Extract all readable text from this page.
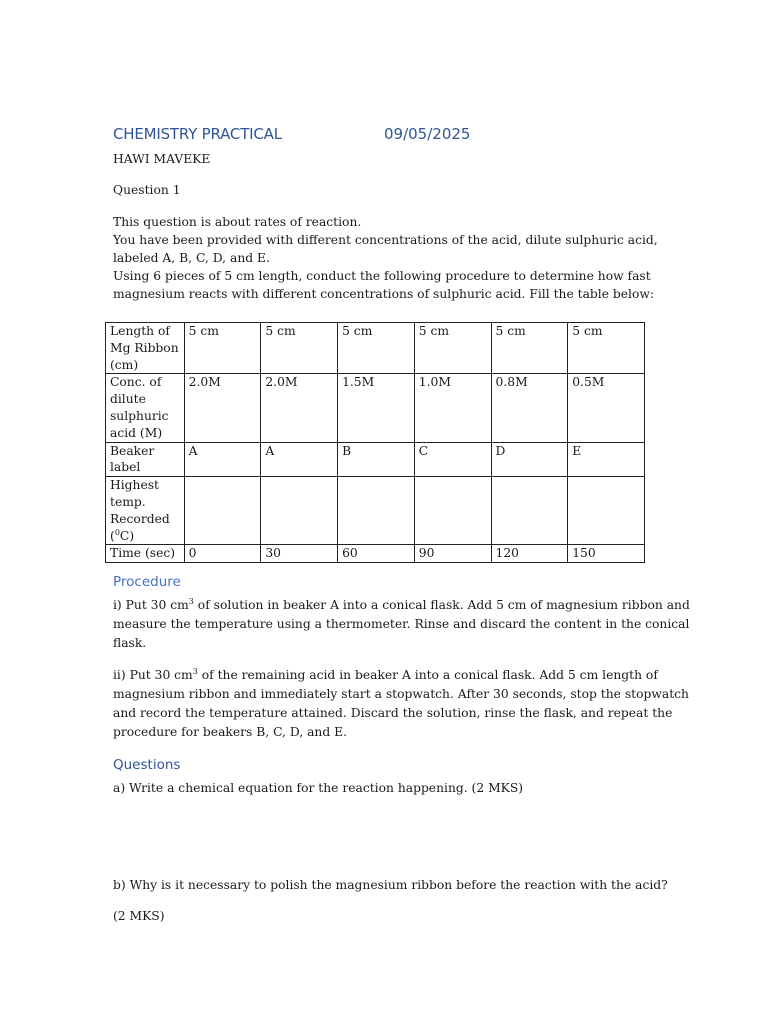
CHEMISTRY PRACTICAL	09/05/2025
HAWI MAVEKE
Question 1
This question is about rates of reaction.
You have been provided with different concentrations of the acid, dilute sulphuric acid,
labeled A, B, C, D, and E.
Using 6 pieces of 5 cm length, conduct the following procedure to determine how fast
magnesium reacts with different concentrations of sulphuric acid. Fill the table below:
Length of
Mg Ribbon
(cm)	5 cm	5 cm	5 cm	5 cm	5 cm	5 cm

Conc. of
dilute
sulphuric
acid (M)	2.0M	2.0M	1.5M	1.0M	0.8M	0.5M

Beaker
label	A	A	B	C	D	E

Highest
temp.
Recorded
($^0$C)						

Time (sec)	0	30	60	90	120	150
Procedure
i) Put 30 $cm^3$ of solution in beaker A into a conical flask. Add 5 cm of magnesium ribbon and
measure the temperature using a thermometer. Rinse and discard the content in the conical
flask.
ii) Put 30 $cm^3$ of the remaining acid in beaker A into a conical flask. Add 5 cm length of
magnesium ribbon and immediately start a stopwatch. After 30 seconds, stop the stopwatch
and record the temperature attained. Discard the solution, rinse the flask, and repeat the
procedure for beakers B, C, D, and E.
Questions
a) Write a chemical equation for the reaction happening. (2 MKS)
b) Why is it necessary to polish the magnesium ribbon before the reaction with the acid?
(2 MKS)
